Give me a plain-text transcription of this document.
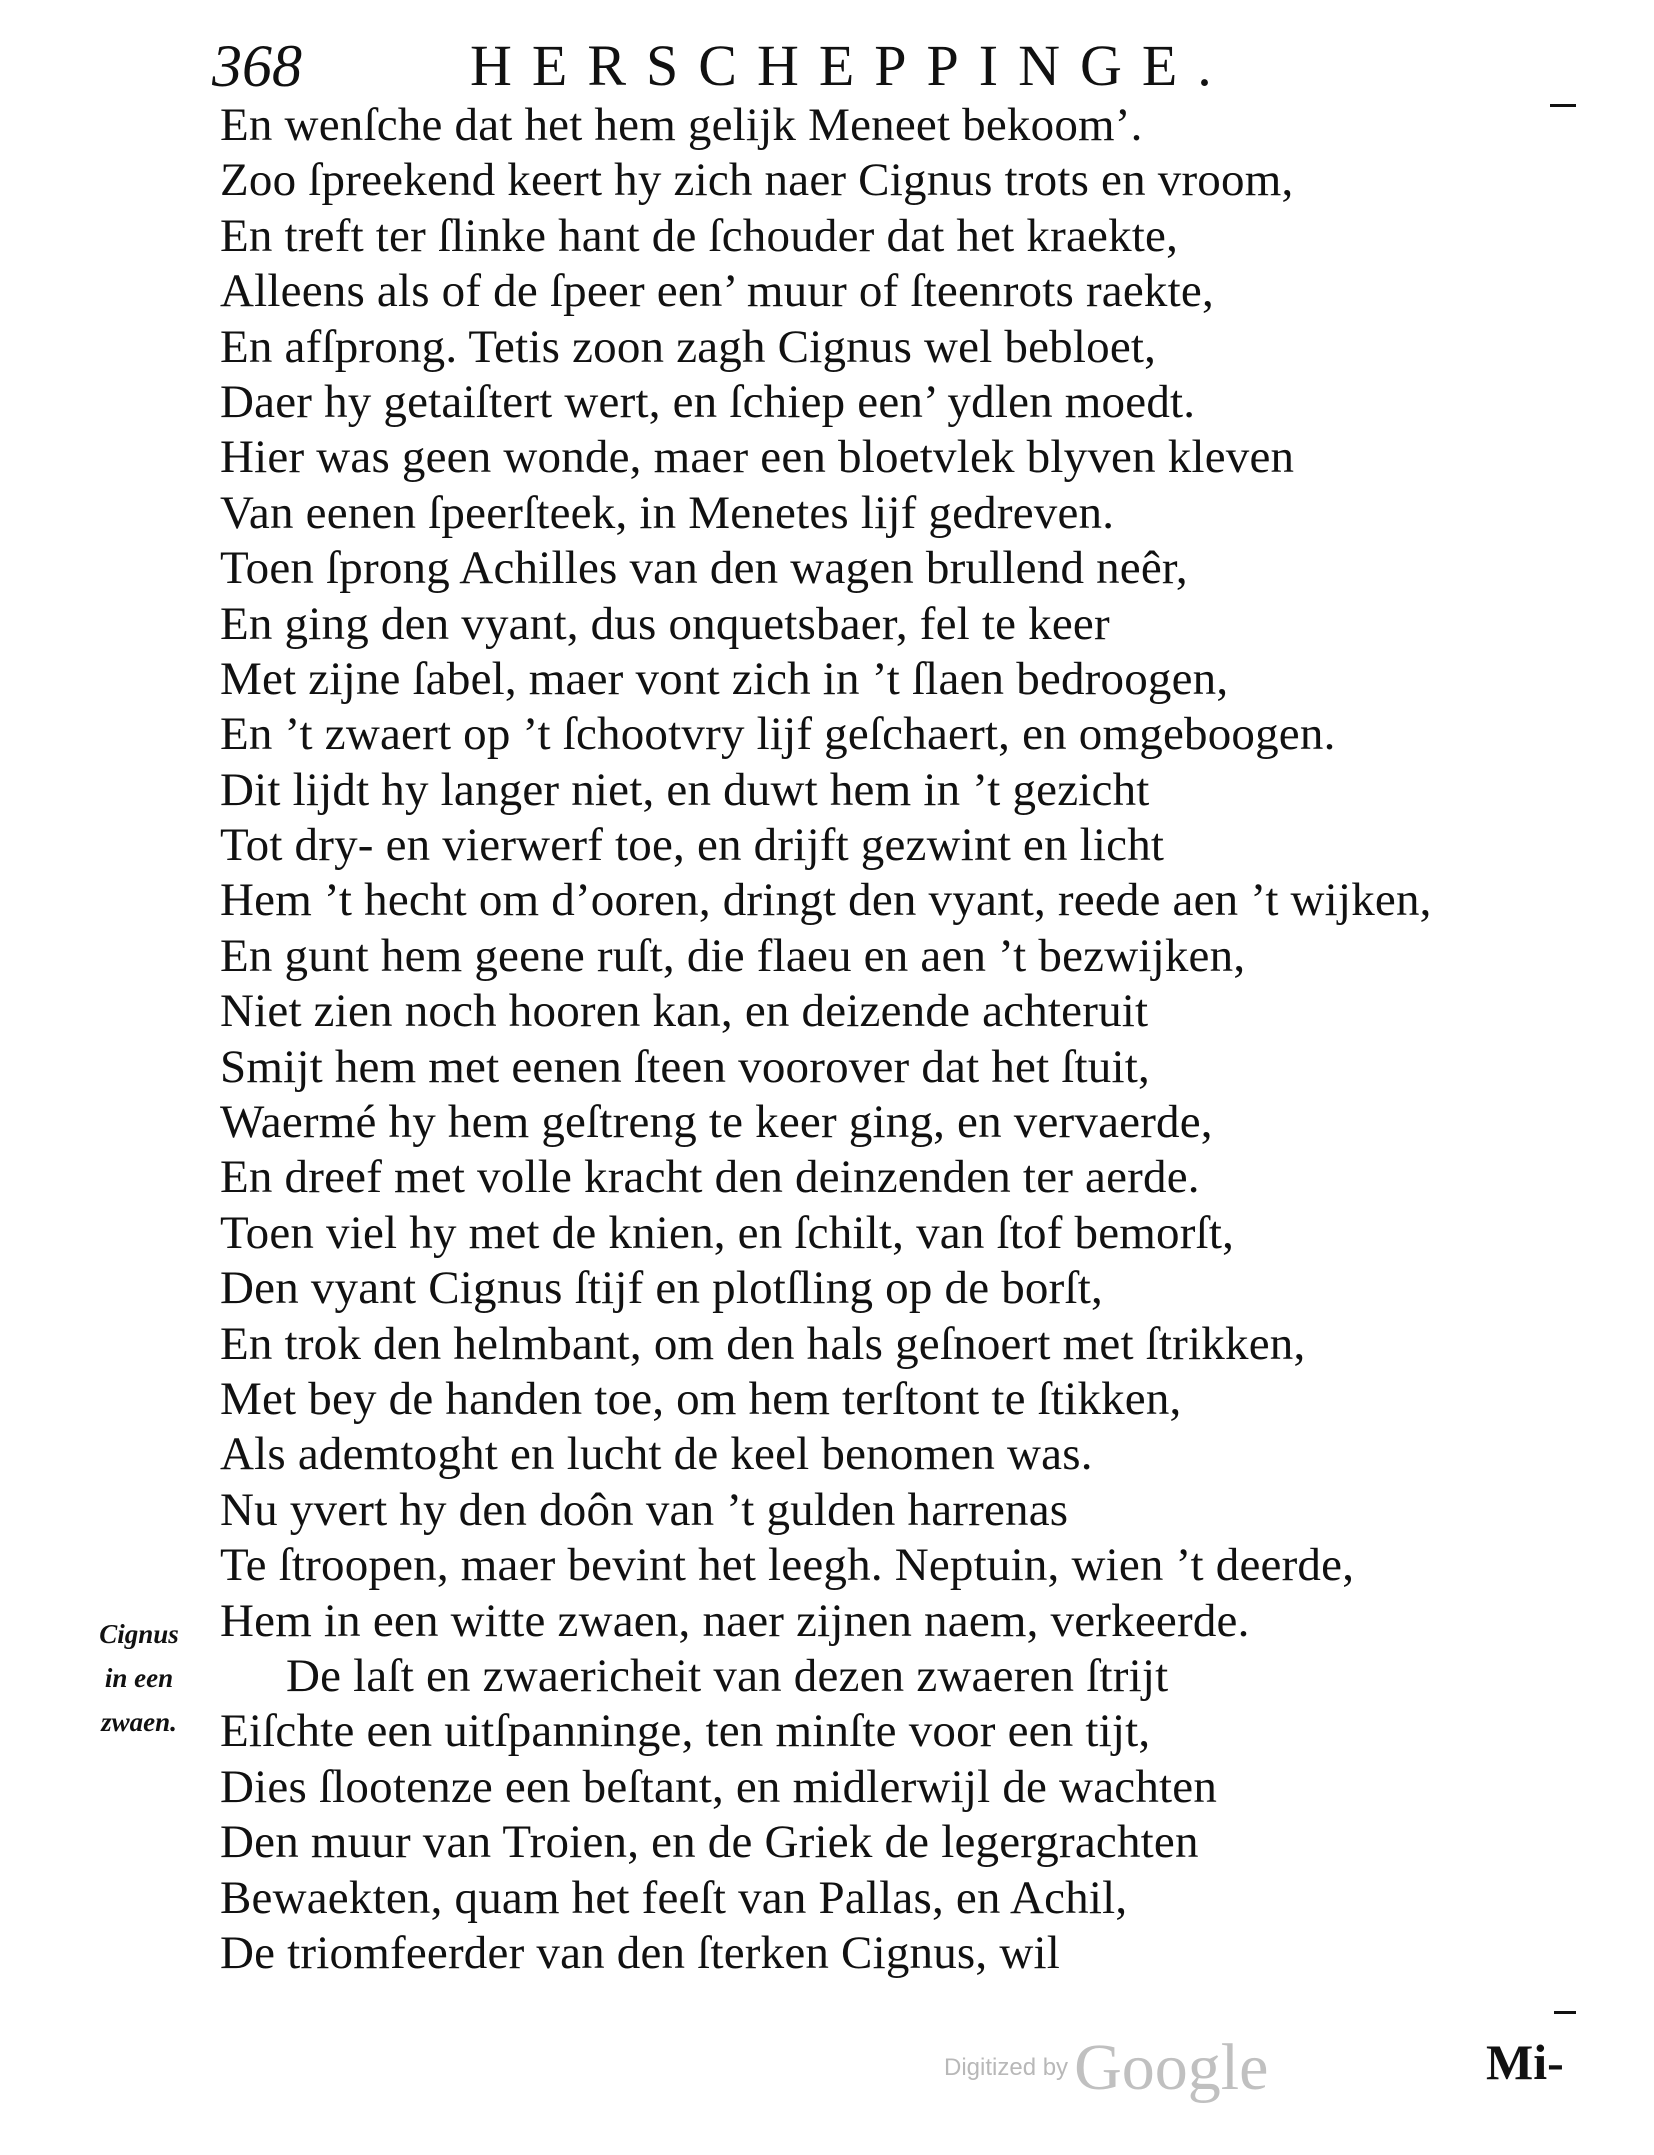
368	HERSCHEPPINGE.
En wenſche dat het hem gelijk Meneet bekoom’.
Zoo ſpreekend keert hy zich naer Cignus trots en vroom,
En treft ter ſlinke hant de ſchouder dat het kraekte,
Alleens als of de ſpeer een’ muur of ſteenrots raekte,
En afſprong. Tetis zoon zagh Cignus wel bebloet,
Daer hy getaiſtert wert, en ſchiep een’ ydlen moedt.
Hier was geen wonde, maer een bloetvlek blyven kleven
Van eenen ſpeerſteek, in Menetes lijf gedreven.
Toen ſprong Achilles van den wagen brullend neêr,
En ging den vyant, dus onquetsbaer, fel te keer
Met zijne ſabel, maer vont zich in ’t ſlaen bedroogen,
En ’t zwaert op ’t ſchootvry lijf geſchaert, en omgeboogen.
Dit lijdt hy langer niet, en duwt hem in ’t gezicht
Tot dry- en vierwerf toe, en drijft gezwint en licht
Hem ’t hecht om d’ooren, dringt den vyant, reede aen ’t wijken,
En gunt hem geene ruſt, die flaeu en aen ’t bezwijken,
Niet zien noch hooren kan, en deizende achteruit
Smijt hem met eenen ſteen voorover dat het ſtuit,
Waermé hy hem geſtreng te keer ging, en vervaerde,
En dreef met volle kracht den deinzenden ter aerde.
Toen viel hy met de knien, en ſchilt, van ſtof bemorſt,
Den vyant Cignus ſtijf en plotſling op de borſt,
En trok den helmbant, om den hals geſnoert met ſtrikken,
Met bey de handen toe, om hem terſtont te ſtikken,
Als ademtoght en lucht de keel benomen was.
Nu yvert hy den doôn van ’t gulden harrenas
Te ſtroopen, maer bevint het leegh. Neptuin, wien ’t deerde,
Hem in een witte zwaen, naer zijnen naem, verkeerde.
De laſt en zwaericheit van dezen zwaeren ſtrijt
Eiſchte een uitſpanninge, ten minſte voor een tijt,
Dies ſlootenze een beſtant, en midlerwijl de wachten
Den muur van Troien, en de Griek de legergrachten
Bewaekten, quam het feeſt van Pallas, en Achil,
De triomfeerder van den ſterken Cignus, wil
Cignus
in een
zwaen.
Mi-
Digitized byGoogle
